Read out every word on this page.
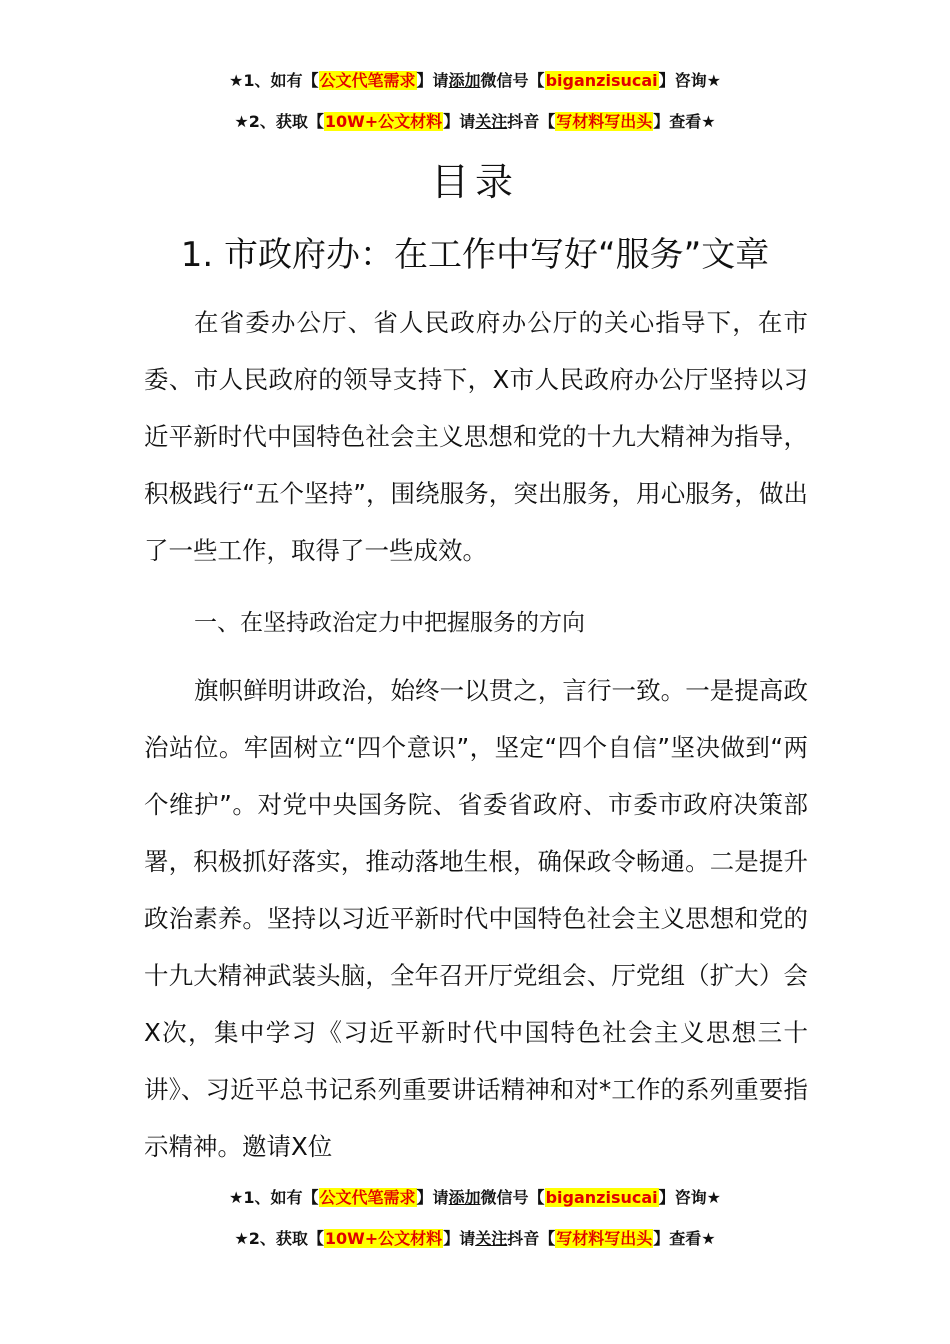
★1、如有【公文代笔需求】请添加微信号【biganzisucai】咨询★
★2、获取【10W+公文材料】请关注抖音【写材料写出头】查看★
目录
1. 市政府办：在工作中写好“服务”文章
在省委办公厅、省人民政府办公厅的关心指导下，在市委、市人民政府的领导支持下，X市人民政府办公厅坚持以习近平新时代中国特色社会主义思想和党的十九大精神为指导，积极践行“五个坚持”，围绕服务，突出服务，用心服务，做出了一些工作，取得了一些成效。
一、在坚持政治定力中把握服务的方向
旗帜鲜明讲政治，始终一以贯之，言行一致。一是提高政治站位。牢固树立“四个意识”，坚定“四个自信”坚决做到“两个维护”。对党中央国务院、省委省政府、市委市政府决策部署，积极抓好落实，推动落地生根，确保政令畅通。二是提升政治素养。坚持以习近平新时代中国特色社会主义思想和党的十九大精神武装头脑，全年召开厅党组会、厅党组（扩大）会X次，集中学习《习近平新时代中国特色社会主义思想三十讲》、习近平总书记系列重要讲话精神和对*工作的系列重要指示精神。邀请X位
★1、如有【公文代笔需求】请添加微信号【biganzisucai】咨询★
★2、获取【10W+公文材料】请关注抖音【写材料写出头】查看★
